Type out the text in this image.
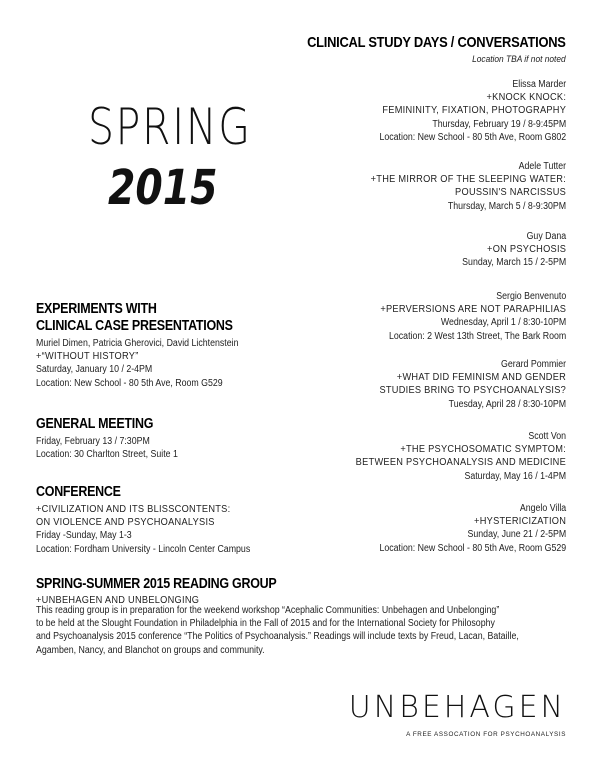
SPRING
2015
CLINICAL STUDY DAYS / CONVERSATIONS
Location TBA if not noted
Elissa Marder
+KNOCK KNOCK:
FEMININITY, FIXATION, PHOTOGRAPHY
Thursday, February 19 / 8-9:45PM
Location: New School - 80 5th Ave, Room G802
Adele Tutter
+THE MIRROR OF THE SLEEPING WATER:
POUSSIN'S NARCISSUS
Thursday, March 5 / 8-9:30PM
Guy Dana
+ON PSYCHOSIS
Sunday, March 15 / 2-5PM
Sergio Benvenuto
+PERVERSIONS ARE NOT PARAPHILIAS
Wednesday, April 1 / 8:30-10PM
Location: 2 West 13th Street, The Bark Room
Gerard Pommier
+WHAT DID FEMINISM AND GENDER
STUDIES BRING TO PSYCHOANALYSIS?
Tuesday, April 28 / 8:30-10PM
Scott Von
+THE PSYCHOSOMATIC SYMPTOM:
BETWEEN PSYCHOANALYSIS AND MEDICINE
Saturday, May 16 / 1-4PM
Angelo Villa
+HYSTERICIZATION
Sunday, June 21 / 2-5PM
Location: New School - 80 5th Ave, Room G529
EXPERIMENTS WITH
CLINICAL CASE PRESENTATIONS
Muriel Dimen, Patricia Gherovici, David Lichtenstein
+“WITHOUT HISTORY”
Saturday, January 10 / 2-4PM
Location: New School - 80 5th Ave, Room G529
GENERAL MEETING
Friday, February 13 / 7:30PM
Location: 30 Charlton Street, Suite 1
CONFERENCE
+CIVILIZATION AND ITS BLISSCONTENTS:
ON VIOLENCE AND PSYCHOANALYSIS
Friday -Sunday, May 1-3
Location: Fordham University - Lincoln Center Campus
SPRING-SUMMER 2015 READING GROUP
+UNBEHAGEN AND UNBELONGING
This reading group is in preparation for the weekend workshop “Acephalic Communities: Unbehagen and Unbelonging”
to be held at the Slought Foundation in Philadelphia in the Fall of 2015 and for the International Society for Philosophy
and Psychoanalysis 2015 conference “The Politics of Psychoanalysis.” Readings will include texts by Freud, Lacan, Bataille,
Agamben, Nancy, and Blanchot on groups and community.
UNBEHAGEN
A FREE ASSOCATION FOR PSYCHOANALYSIS
